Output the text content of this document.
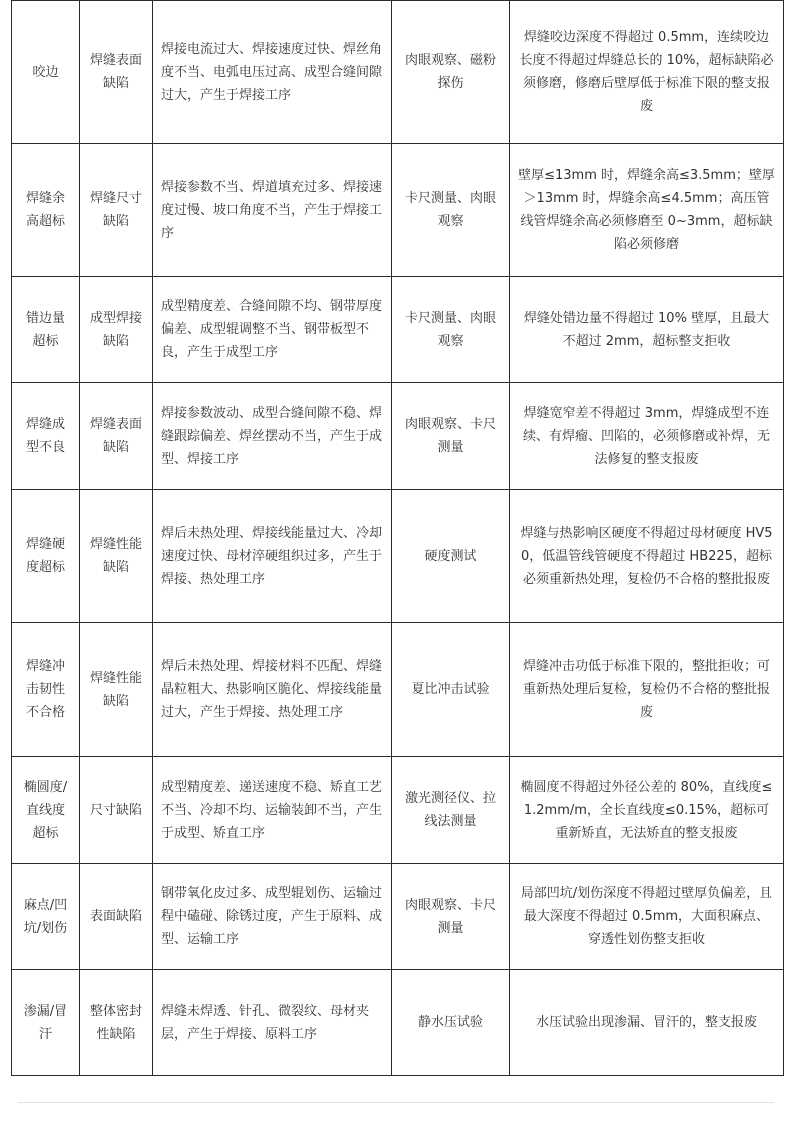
咬边	焊缝表面缺陷	焊接电流过大、焊接速度过快、焊丝角度不当、电弧电压过高、成型合缝间隙过大，产生于焊接工序	肉眼观察、磁粉探伤	焊缝咬边深度不得超过 0.5mm，连续咬边长度不得超过焊缝总长的 10%，超标缺陷必须修磨，修磨后壁厚低于标准下限的整支报废
焊缝余高超标	焊缝尺寸缺陷	焊接参数不当、焊道填充过多、焊接速度过慢、坡口角度不当，产生于焊接工序	卡尺测量、肉眼观察	壁厚≤13mm 时，焊缝余高≤3.5mm；壁厚＞13mm 时，焊缝余高≤4.5mm；高压管线管焊缝余高必须修磨至 0~3mm，超标缺陷必须修磨
错边量超标	成型焊接缺陷	成型精度差、合缝间隙不均、钢带厚度偏差、成型辊调整不当、钢带板型不良，产生于成型工序	卡尺测量、肉眼观察	焊缝处错边量不得超过 10% 壁厚，且最大不超过 2mm，超标整支拒收
焊缝成型不良	焊缝表面缺陷	焊接参数波动、成型合缝间隙不稳、焊缝跟踪偏差、焊丝摆动不当，产生于成型、焊接工序	肉眼观察、卡尺测量	焊缝宽窄差不得超过 3mm，焊缝成型不连续、有焊瘤、凹陷的，必须修磨或补焊，无法修复的整支报废
焊缝硬度超标	焊缝性能缺陷	焊后未热处理、焊接线能量过大、冷却速度过快、母材淬硬组织过多，产生于焊接、热处理工序	硬度测试	焊缝与热影响区硬度不得超过母材硬度 HV50，低温管线管硬度不得超过 HB225，超标必须重新热处理，复检仍不合格的整批报废
焊缝冲击韧性不合格	焊缝性能缺陷	焊后未热处理、焊接材料不匹配、焊缝晶粒粗大、热影响区脆化、焊接线能量过大，产生于焊接、热处理工序	夏比冲击试验	焊缝冲击功低于标准下限的，整批拒收；可重新热处理后复检，复检仍不合格的整批报废
椭圆度/直线度超标	尺寸缺陷	成型精度差、递送速度不稳、矫直工艺不当、冷却不均、运输装卸不当，产生于成型、矫直工序	激光测径仪、拉线法测量	椭圆度不得超过外径公差的 80%，直线度≤1.2mm/m，全长直线度≤0.15%，超标可重新矫直，无法矫直的整支报废
麻点/凹坑/划伤	表面缺陷	钢带氧化皮过多、成型辊划伤、运输过程中磕碰、除锈过度，产生于原料、成型、运输工序	肉眼观察、卡尺测量	局部凹坑/划伤深度不得超过壁厚负偏差，且最大深度不得超过 0.5mm，大面积麻点、穿透性划伤整支拒收
渗漏/冒汗	整体密封性缺陷	焊缝未焊透、针孔、微裂纹、母材夹层，产生于焊接、原料工序	静水压试验	水压试验出现渗漏、冒汗的，整支报废
